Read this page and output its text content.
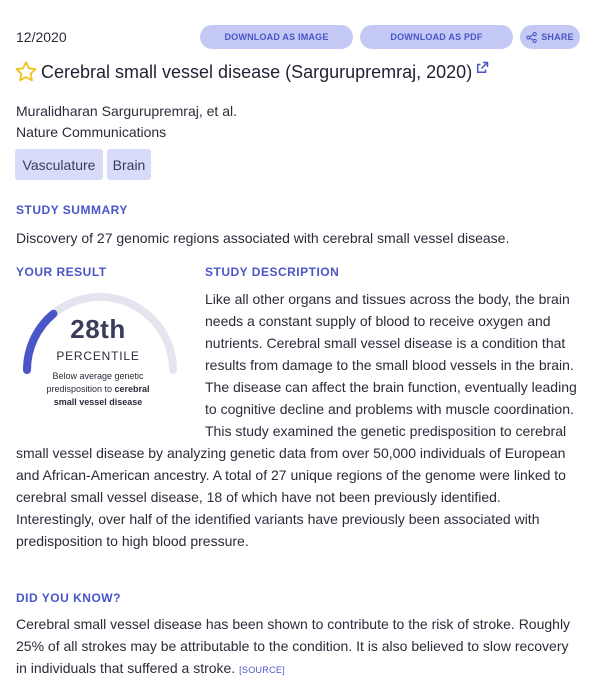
12/2020	DOWNLOAD AS IMAGE	DOWNLOAD AS PDF	SHARE
Cerebral small vessel disease (Sargurupremraj, 2020)
Muralidharan Sargurupremraj, et al.
Nature Communications
Vasculature	Brain
STUDY SUMMARY
Discovery of 27 genomic regions associated with cerebral small vessel disease.
YOUR RESULT	STUDY DESCRIPTION
28th
PERCENTILE
Below average genetic predisposition to cerebral small vessel disease
Like all other organs and tissues across the body, the brain needs a constant supply of blood to receive oxygen and nutrients. Cerebral small vessel disease is a condition that results from damage to the small blood vessels in the brain. The disease can affect the brain function, eventually leading to cognitive decline and problems with muscle coordination. This study examined the genetic predisposition to cerebral small vessel disease by analyzing genetic data from over 50,000 individuals of European and African-American ancestry. A total of 27 unique regions of the genome were linked to cerebral small vessel disease, 18 of which have not been previously identified. Interestingly, over half of the identified variants have previously been associated with predisposition to high blood pressure.
DID YOU KNOW?
Cerebral small vessel disease has been shown to contribute to the risk of stroke. Roughly 25% of all strokes may be attributable to the condition. It is also believed to slow recovery in individuals that suffered a stroke. [SOURCE]
